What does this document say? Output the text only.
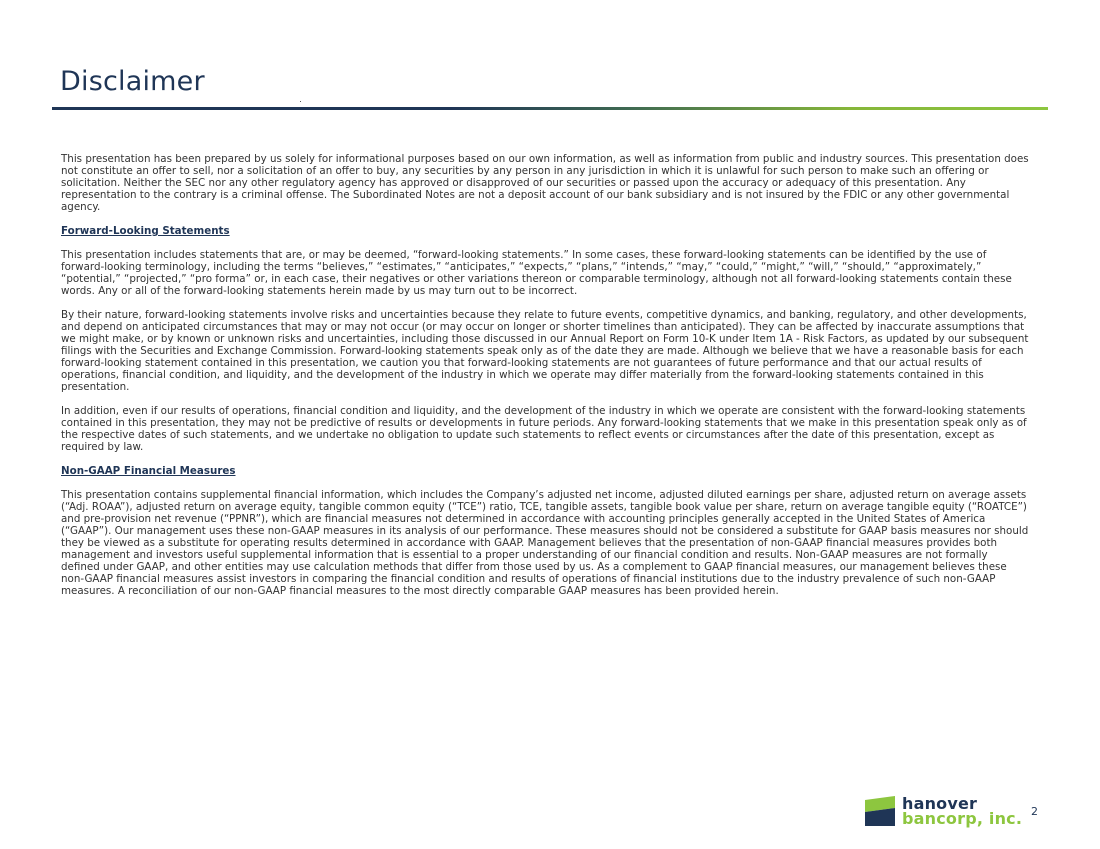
Disclaimer

This presentation has been prepared by us solely for informational purposes based on our own information, as well as information from public and industry sources. This presentation does not constitute an offer to sell, nor a solicitation of an offer to buy, any securities by any person in any jurisdiction in which it is unlawful for such person to make such an offering or solicitation. Neither the SEC nor any other regulatory agency has approved or disapproved of our securities or passed upon the accuracy or adequacy of this presentation. Any representation to the contrary is a criminal offense. The Subordinated Notes are not a deposit account of our bank subsidiary and is not insured by the FDIC or any other governmental agency.

Forward-Looking Statements

This presentation includes statements that are, or may be deemed, “forward-looking statements.” In some cases, these forward-looking statements can be identified by the use of forward-looking terminology, including the terms “believes,” “estimates,” “anticipates,” “expects,” “plans,” “intends,” “may,” “could,” “might,” “will,” “should,” “approximately,” “potential,” “projected,” “pro forma” or, in each case, their negatives or other variations thereon or comparable terminology, although not all forward-looking statements contain these words. Any or all of the forward-looking statements herein made by us may turn out to be incorrect.

By their nature, forward-looking statements involve risks and uncertainties because they relate to future events, competitive dynamics, and banking, regulatory, and other developments, and depend on anticipated circumstances that may or may not occur (or may occur on longer or shorter timelines than anticipated). They can be affected by inaccurate assumptions that we might make, or by known or unknown risks and uncertainties, including those discussed in our Annual Report on Form 10-K under Item 1A - Risk Factors, as updated by our subsequent filings with the Securities and Exchange Commission. Forward-looking statements speak only as of the date they are made. Although we believe that we have a reasonable basis for each forward-looking statement contained in this presentation, we caution you that forward-looking statements are not guarantees of future performance and that our actual results of operations, financial condition, and liquidity, and the development of the industry in which we operate may differ materially from the forward-looking statements contained in this presentation.

In addition, even if our results of operations, financial condition and liquidity, and the development of the industry in which we operate are consistent with the forward-looking statements contained in this presentation, they may not be predictive of results or developments in future periods. Any forward-looking statements that we make in this presentation speak only as of the respective dates of such statements, and we undertake no obligation to update such statements to reflect events or circumstances after the date of this presentation, except as required by law.

Non-GAAP Financial Measures

This presentation contains supplemental financial information, which includes the Company’s adjusted net income, adjusted diluted earnings per share, adjusted return on average assets (“Adj. ROAA”), adjusted return on average equity, tangible common equity (“TCE”) ratio, TCE, tangible assets, tangible book value per share, return on average tangible equity (“ROATCE”) and pre-provision net revenue (“PPNR”), which are financial measures not determined in accordance with accounting principles generally accepted in the United States of America (“GAAP”). Our management uses these non-GAAP measures in its analysis of our performance. These measures should not be considered a substitute for GAAP basis measures nor should they be viewed as a substitute for operating results determined in accordance with GAAP. Management believes that the presentation of non-GAAP financial measures provides both management and investors useful supplemental information that is essential to a proper understanding of our financial condition and results. Non-GAAP measures are not formally defined under GAAP, and other entities may use calculation methods that differ from those used by us. As a complement to GAAP financial measures, our management believes these non-GAAP financial measures assist investors in comparing the financial condition and results of operations of financial institutions due to the industry prevalence of such non-GAAP measures. A reconciliation of our non-GAAP financial measures to the most directly comparable GAAP measures has been provided herein.

hanover
bancorp, inc. 2
